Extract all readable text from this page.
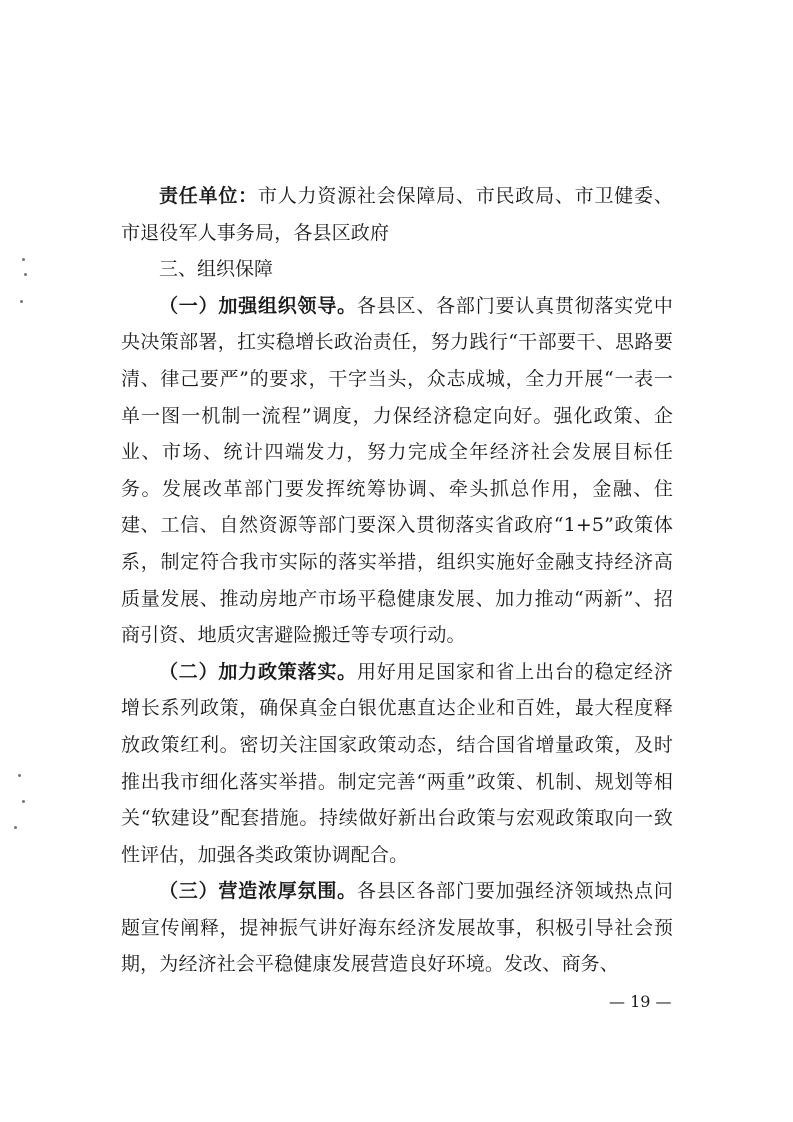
责任单位：市人力资源社会保障局、市民政局、市卫健委、市退役军人事务局，各县区政府

三、组织保障

（一）加强组织领导。各县区、各部门要认真贯彻落实党中央决策部署，扛实稳增长政治责任，努力践行“干部要干、思路要清、律己要严”的要求，干字当头，众志成城，全力开展“一表一单一图一机制一流程”调度，力保经济稳定向好。强化政策、企业、市场、统计四端发力，努力完成全年经济社会发展目标任务。发展改革部门要发挥统筹协调、牵头抓总作用，金融、住建、工信、自然资源等部门要深入贯彻落实省政府“1+5”政策体系，制定符合我市实际的落实举措，组织实施好金融支持经济高质量发展、推动房地产市场平稳健康发展、加力推动“两新”、招商引资、地质灾害避险搬迁等专项行动。

（二）加力政策落实。用好用足国家和省上出台的稳定经济增长系列政策，确保真金白银优惠直达企业和百姓，最大程度释放政策红利。密切关注国家政策动态，结合国省增量政策，及时推出我市细化落实举措。制定完善“两重”政策、机制、规划等相关“软建设”配套措施。持续做好新出台政策与宏观政策取向一致性评估，加强各类政策协调配合。

（三）营造浓厚氛围。各县区各部门要加强经济领域热点问题宣传阐释，提神振气讲好海东经济发展故事，积极引导社会预期，为经济社会平稳健康发展营造良好环境。发改、商务、

— 19 —
